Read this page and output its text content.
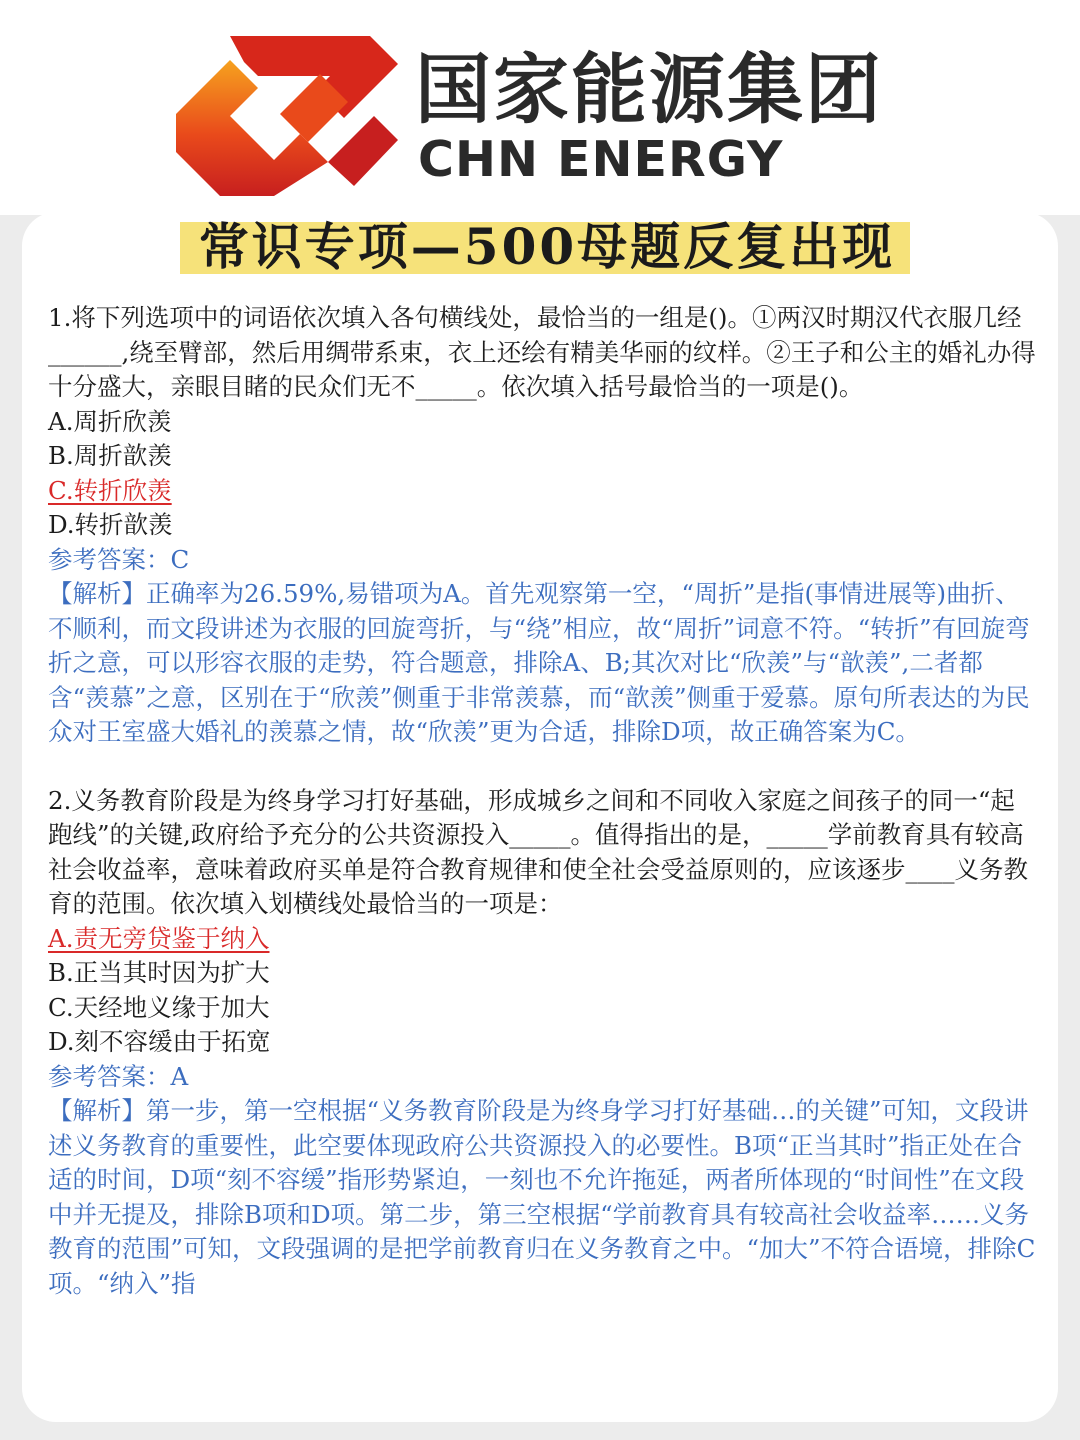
国家能源集团
CHN ENERGY
常识专项—500母题反复出现

1.将下列选项中的词语依次填入各句横线处，最恰当的一组是()。①两汉时期汉代衣服几经______,绕至臂部，然后用绸带系束，衣上还绘有精美华丽的纹样。②王子和公主的婚礼办得十分盛大，亲眼目睹的民众们无不_____。依次填入括号最恰当的一项是()。

A.周折欣羡

B.周折歆羡

C.转折欣羡

D.转折歆羡

参考答案：C

【解析】正确率为26.59%,易错项为A。首先观察第一空，“周折”是指(事情进展等)曲折、不顺利，而文段讲述为衣服的回旋弯折，与“绕”相应，故“周折”词意不符。“转折”有回旋弯折之意，可以形容衣服的走势，符合题意，排除A、B;其次对比“欣羡”与“歆羡”,二者都含“羡慕”之意，区别在于“欣羡”侧重于非常羡慕，而“歆羡”侧重于爱慕。原句所表达的为民众对王室盛大婚礼的羡慕之情，故“欣羡”更为合适，排除D项，故正确答案为C。

2.义务教育阶段是为终身学习打好基础，形成城乡之间和不同收入家庭之间孩子的同一“起跑线”的关键,政府给予充分的公共资源投入_____。值得指出的是，_____学前教育具有较高社会收益率，意味着政府买单是符合教育规律和使全社会受益原则的，应该逐步____义务教育的范围。依次填入划横线处最恰当的一项是：

A.责无旁贷鉴于纳入

B.正当其时因为扩大

C.天经地义缘于加大

D.刻不容缓由于拓宽

参考答案：A

【解析】第一步，第一空根据“义务教育阶段是为终身学习打好基础…的关键”可知，文段讲述义务教育的重要性，此空要体现政府公共资源投入的必要性。B项“正当其时”指正处在合适的时间，D项“刻不容缓”指形势紧迫，一刻也不允许拖延，两者所体现的“时间性”在文段中并无提及，排除B项和D项。第二步，第三空根据“学前教育具有较高社会收益率……义务教育的范围”可知，文段强调的是把学前教育归在义务教育之中。“加大”不符合语境，排除C项。“纳入”指
